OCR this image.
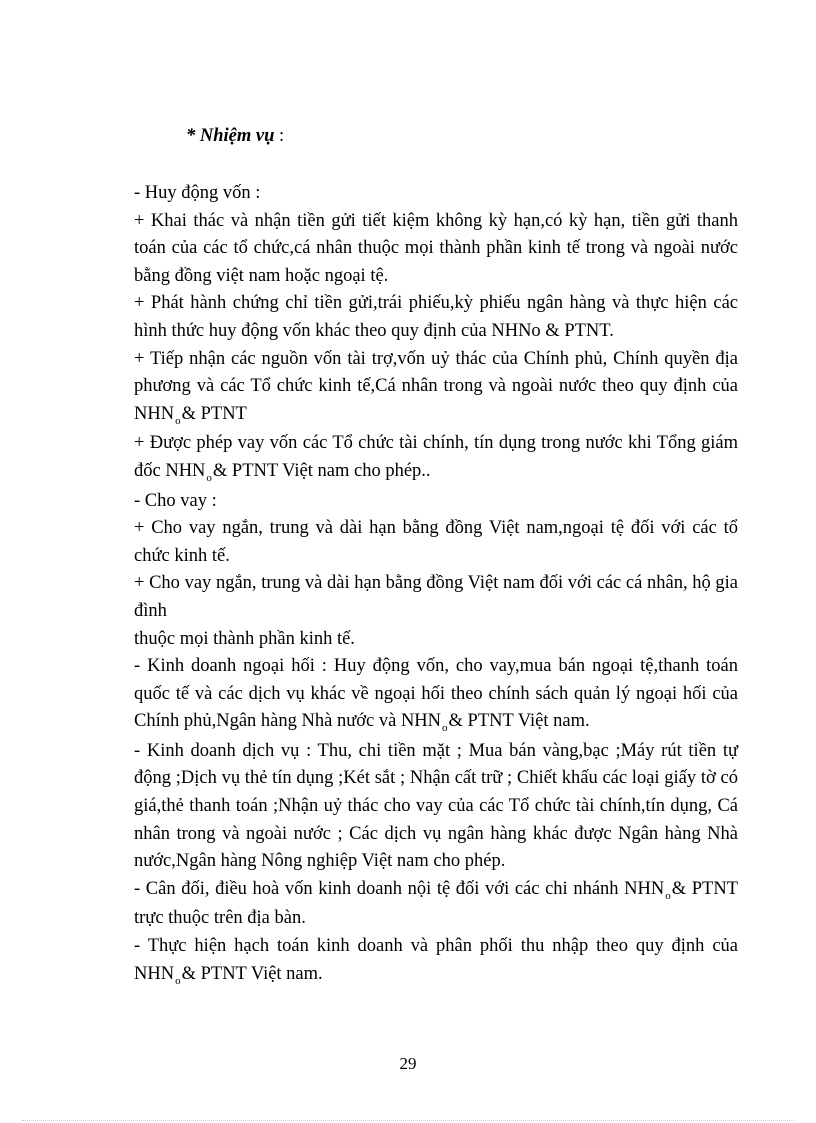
* Nhiệm vụ :

- Huy động vốn :

+ Khai thác và nhận tiền gửi tiết kiệm không kỳ hạn,có kỳ hạn, tiền gửi thanh toán của các tổ chức,cá nhân thuộc mọi thành phần kinh tế trong và ngoài nước bằng đồng việt nam hoặc ngoại tệ.

+ Phát hành chứng chỉ tiền gửi,trái phiếu,kỳ phiếu ngân hàng và thực hiện các hình thức huy động vốn khác theo quy định của NHNo & PTNT.

+ Tiếp nhận các nguồn vốn tài trợ,vốn uỷ thác của Chính phủ, Chính quyền địa phương và các Tổ chức kinh tế,Cá nhân trong và ngoài nước theo quy định của $NHN_o\&$ PTNT

+ Được phép vay vốn các Tổ chức tài chính, tín dụng trong nước khi Tổng giám đốc $NHN_o\&$ PTNT Việt nam cho phép..

- Cho vay :

+ Cho vay ngắn, trung và dài hạn bằng đồng Việt nam,ngoại tệ đối với các tổ chức kinh tế.

+ Cho vay ngắn, trung và dài hạn bằng đồng Việt nam đối với các cá nhân, hộ gia đình

thuộc mọi thành phần kinh tế.

- Kinh doanh ngoại hối : Huy động vốn, cho vay,mua bán ngoại tệ,thanh toán quốc tế và các dịch vụ khác về ngoại hối theo chính sách quản lý ngoại hối của Chính phủ,Ngân hàng Nhà nước và $NHN_o\&$ PTNT Việt nam.

- Kinh doanh dịch vụ : Thu, chi tiền mặt ; Mua bán vàng,bạc ;Máy rút tiền tự động ;Dịch vụ thẻ tín dụng ;Két sắt ; Nhận cất trữ ; Chiết khấu các loại giấy tờ có giá,thẻ thanh toán ;Nhận uỷ thác cho vay của các Tổ chức tài chính,tín dụng, Cá nhân trong và ngoài nước ; Các dịch vụ ngân hàng khác được Ngân hàng Nhà nước,Ngân hàng Nông nghiệp Việt nam cho phép.

- Cân đối, điều hoà vốn kinh doanh nội tệ đối với các chi nhánh $NHN_o\&$ PTNT trực thuộc trên địa bàn.

- Thực hiện hạch toán kinh doanh và phân phối thu nhập theo quy định của $NHN_o\&$ PTNT Việt nam.

29
